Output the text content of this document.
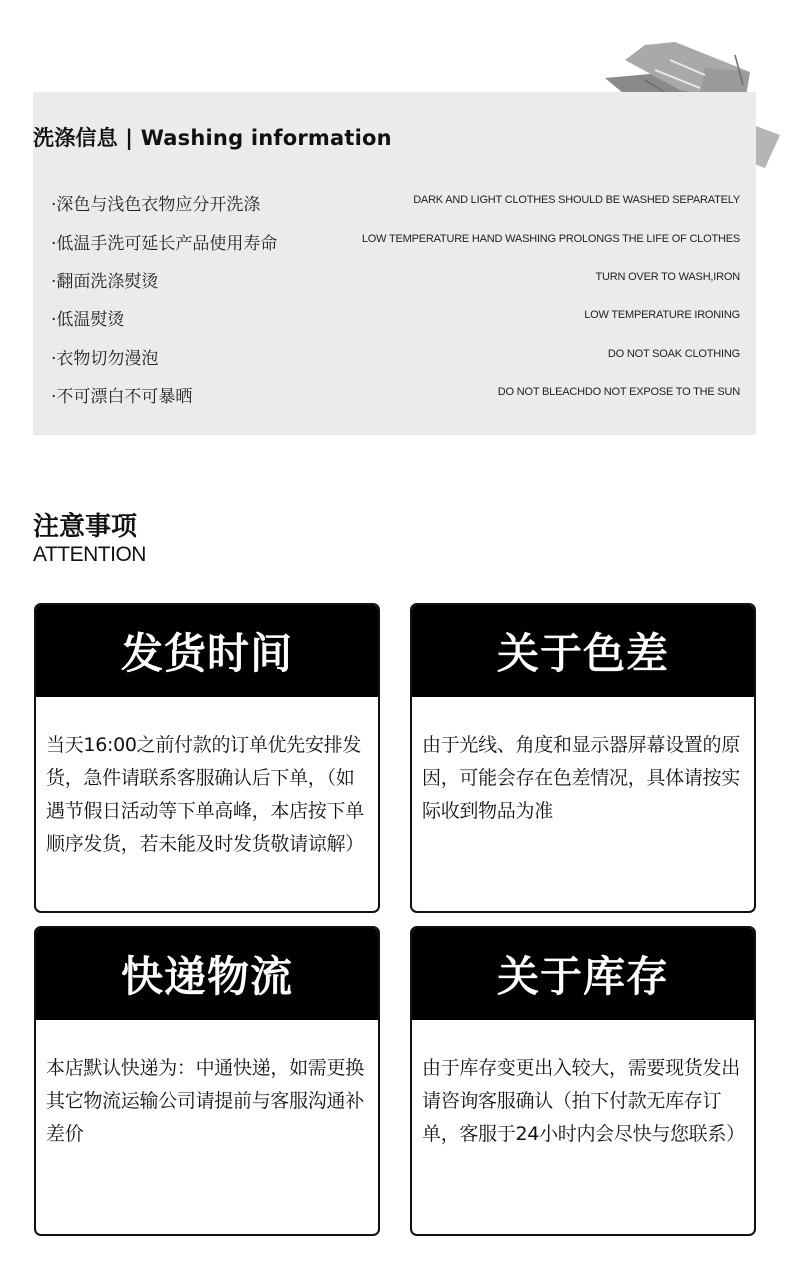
洗涤信息 | Washing information
·深色与浅色衣物应分开洗涤	DARK AND LIGHT CLOTHES SHOULD BE WASHED SEPARATELY
·低温手洗可延长产品使用寿命	LOW TEMPERATURE HAND WASHING PROLONGS THE LIFE OF CLOTHES
·翻面洗涤熨烫	TURN OVER TO WASH,IRON
·低温熨烫	LOW TEMPERATURE IRONING
·衣物切勿漫泡	DO NOT SOAK CLOTHING
·不可漂白不可暴晒	DO NOT BLEACHDO NOT EXPOSE TO THE SUN
注意事项
ATTENTION
发货时间
当天16:00之前付款的订单优先安排发货，急件请联系客服确认后下单，（如遇节假日活动等下单高峰，本店按下单顺序发货，若未能及时发货敬请谅解）
关于色差
由于光线、角度和显示器屏幕设置的原因，可能会存在色差情况，具体请按实际收到物品为准
快递物流
本店默认快递为：中通快递，如需更换其它物流运输公司请提前与客服沟通补差价
关于库存
由于库存变更出入较大，需要现货发出请咨询客服确认（拍下付款无库存订单，客服于24小时内会尽快与您联系）
